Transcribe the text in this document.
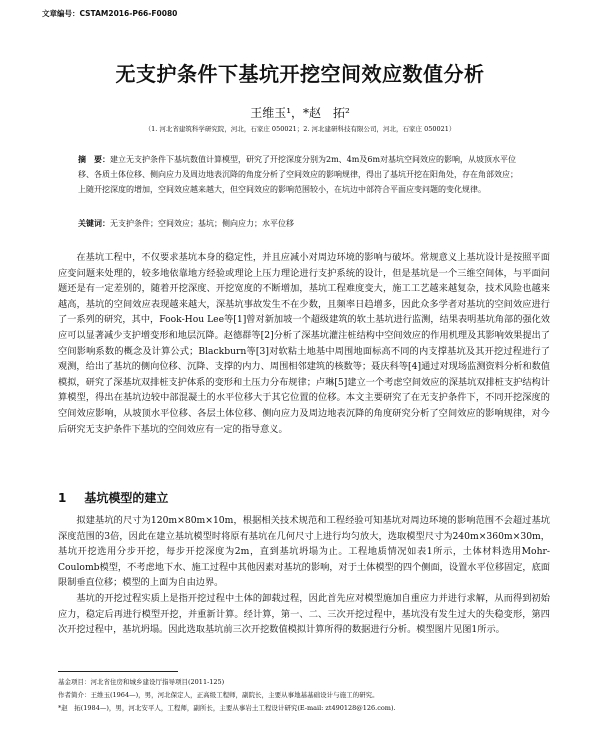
文章编号：CSTAM2016-P66-F0080
无支护条件下基坑开挖空间效应数值分析
王维玉¹，*赵　拓²
（1. 河北省建筑科学研究院，河北，石家庄 050021；2. 河北建研科技有限公司，河北，石家庄 050021）
摘　要：建立无支护条件下基坑数值计算模型，研究了开挖深度分别为2m、4m及6m对基坑空间效应的影响，从坡顶水平位移、各质土体位移、侧向应力及周边地表沉降的角度分析了空间效应的影响规律，得出了基坑开挖在阳角处，存在角部效应；上随开挖深度的增加，空间效应越来越大，但空间效应的影响范围较小，在坑边中部符合平面应变问题的变化规律。
关键词：无支护条件；空间效应；基坑；侧向应力；水平位移
在基坑工程中，不仅要求基坑本身的稳定性，并且应减小对周边环境的影响与破坏。常规意义上基坑设计是按照平面应变问题来处理的，较多地依靠地方经验或理论上压力理论进行支护系统的设计，但是基坑是一个三维空间体，与平面问题还是有一定差别的，随着开挖深度、开挖宽度的不断增加，基坑工程难度变大，施工工艺越来越复杂，技术风险也越来越高，基坑的空间效应表现越来越大，深基坑事故发生不在少数，且频率日趋增多，因此众多学者对基坑的空间效应进行了一系列的研究，其中，Fook-Hou Lee等[1]曾对新加坡一个超级建筑的软土基坑进行监测，结果表明基坑角部的强化效应可以显著减少支护增变形和地层沉降。赵德群等[2]分析了深基坑灌注桩结构中空间效应的作用机理及其影响效果提出了空间影响系数的概念及计算公式；Blackburn等[3]对软粘土地基中周围地面标高不同的内支撑基坑及其开挖过程进行了观测，给出了基坑的侧向位移、沉降、支撑的内力、周围相邻建筑的核数等；聂庆科等[4]通过对现场监测资料分析和数值模拟，研究了深基坑双排桩支护体系的变形和土压力分布规律；卢琳[5]建立一个考虑空间效应的深基坑双排桩支护结构计算模型，得出在基坑边较中部混凝土的水平位移大于其它位置的位移。本文主要研究了在无支护条件下，不同开挖深度的空间效应影响，从坡顶水平位移、各层土体位移、侧向应力及周边地表沉降的角度研究分析了空间效应的影响规律，对今后研究无支护条件下基坑的空间效应有一定的指导意义。
1 基坑模型的建立
拟建基坑的尺寸为120m×80m×10m，根据相关技术规范和工程经验可知基坑对周边环境的影响范围不会超过基坑深度范围的3倍，因此在建立基坑模型时将原有基坑在几何尺寸上进行均匀放大，选取模型尺寸为240m×360m×30m，基坑开挖选用分步开挖，每步开挖深度为2m，直到基坑坍塌为止。工程地质情况如表1所示，土体材料选用Mohr-Coulomb模型，不考虑地下水、施工过程中其他因素对基坑的影响，对于土体模型的四个侧面，设置水平位移固定，底面限制垂直位移；模型的上面为自由边界。
基坑的开挖过程实质上是指开挖过程中土体的卸载过程，因此首先应对模型施加自重应力并进行求解，从而得到初始应力，稳定后再进行模型开挖，并重新计算。经计算，第一、二、三次开挖过程中，基坑没有发生过大的失稳变形，第四次开挖过程中，基坑坍塌。因此选取基坑前三次开挖数值模拟计算所得的数据进行分析。模型图片见图1所示。
基金项目：河北省住房和城乡建设厅指导项目(2011-125)
作者简介：王维玉(1964—)，男，河北保定人，正高级工程师，副院长，主要从事地基基础设计与施工的研究。
*赵　拓(1984—)，男，河北安平人，工程师，副所长，主要从事岩土工程设计研究(E-mail: zt490128@126.com).
